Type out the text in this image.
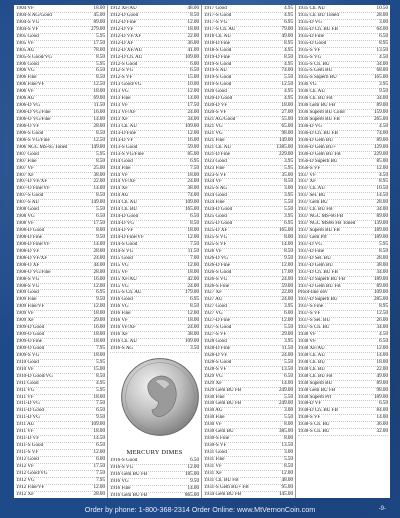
1904 VF	18.00
1904-S AG/Good	45.00
1904-S VG	89.00
1904-S VF	279.00
1905 Good	5.95
1905 VF	17.50
1905 AU	78.00
1905-S Good/VG	8.50
1906 Good	5.95
1906 VG	6.50
1906 Fine	8.50
1906 Fine/VF	12.50
1906 VF	18.00
1906 AU	69.00
1906-D VG	11.50
1906-D VG/Fine	16.00
1906-O VG/Fine	14.00
1906-O VF	28.00
1906-S Good	8.50
1906-S VG/Fine	12.50
1906 NGC MS-65 Toned	149.00
1907 Good	5.95
1907 Fine	8.50
1907 VF	25.00
1907 XF	38.00
1907-D VF/XF	22.00
1907-O Fine/VF	14.00
1907-S Good	8.50
1907-S AU	149.00
1908 Good	5.50
1908 VG	6.50
1908 VF	17.50
1908-D Good	8.00
1908-D Fine	9.50
1908-D Fine/VF	14.00
1908-D VF	28.00
1908-D VF/XF	24.00
1908-O XF	44.00
1908-O VG/Fine	28.00
1908-S VG	16.00
1908-S VG	12.00
1909 Good	6.95
1909 Fine	9.50
1909 Fine/VF	12.00
1909 VF	18.00
1909 XF	29.00
1909-D Good	16.00
1909-O Good	18.00
1909-O Fine	18.00
1909-O Good	7.95
1909-S VG	18.00
1910 Good	5.95
1910 VF	15.00
1910-D Good/VG	8.50
1911 Good	4.95
1911 VG	5.95
1911 VF	18.00
1911-D VG	7.50
1911-D Good	6.50
1911-D VG	9.50
1911 AU	109.00
1911 VF	18.00
1911-D VF	14.50
1911-S Good	6.50
1911-S VF	12.00
1912 Good	6.00
1912 VF	17.50
1912 Good/VG	7.50
1912 VG	7.95
1912 Fine/VF	12.00
1912 XF	28.00
1912 XF/AU	48.00
1912-D Good	8.50
1912-D Fine	12.00
1912-D VF	18.00
1912-D VF/XF	22.00
1912-D XF	36.00
1912-D XF/AU	41.00
1912-D Ch. AU	109.00
1912-S Good	6.00
1912-S VG	6.50
1912-S VF	15.00
1913 Good/VG	10.00
1913 VG	12.00
1913 Fine	14.00
1913 VF	17.50
1913 VF/XF	24.00
1913 XF	34.00
1913 Ch. AU	109.00
1913-D Fine	12.00
1913-D VF	16.00
1913-S Good	59.00
1913-S VG/Fine	85.00
1914 Good	6.95
1914 Fine	7.50
1914 VF	18.00
1914 VF/XF	24.00
1914 XF	38.00
1914 AU	74.00
1914 Ch. AU	109.00
1914 Ch. BU	165.00
1914-D Good	6.50
1914-D VG	8.50
1914-D VF	18.00
1914-D Fine/VF	12.00
1914-S Good	7.50
1914-S VG	11.50
1915 Good	7.00
1915 VG	12.00
1915 VF	18.00
1915 XF/AU	42.00
1915 VG	24.00
1915-S Ch. AU	179.00
1916 Good	6.95
1916 VG	8.50
1916 Fine	12.00
1916 VF	18.00
1916 VF/XF	24.00
1916 XF	38.00
1916 Ch. AU	109.00
1916-S AG	3.50
MERCURY DIMES
1916-S Good	6.50
1916-S VG	12.00
1916 Gem BU FB	185.00
1916 VG	9.50
1916 Fine	14.00
1916 Gem BU FB	865.00
1917 Good	4.95
1917-S Good	4.95
1917-S VG	6.95
1917-S Ch. AU	79.00
1918 Ch. AU	49.00
1918-D Fine	8.95
1918-S Good	4.95
1919-D Fine	8.50
1919-S Good	4.95
1919-S AU	74.00
1919-S Good	5.50
1919-S Good	12.50
1920 Good	4.95
1920-D Good	4.95
1920-D VF	18.00
1920-S VF	27.00
1921 AG/Good	55.00
1921 VG	65.00
1921 VG	98.00
1921 Fine	149.00
1921 Ch. AU	1385.00
1921-D Fine	229.00
1923 Good	3.95
1923 Fine	5.95
1923-S VF	35.00
1924 VF	8.50
1925-S AG	3.00
1924 Good	3.95
1924 Fine	5.50
1924-D Good	5.50
1925 Good	3.95
1925-D Good	6.95
1925-D XF	165.00
1925-S VG	8.00
1925-S VF	14.00
1926 VF	8.50
1926-D VG	9.50
1926-D Fine	12.00
1926-S Good	17.00
1926-S VG	24.00
1926-S Fine	59.00
1927 XF	22.00
1927 AU	24.00
1927 Good	3.95
1927 VG	6.00
1927-D Fine	12.00
1927-S Good	5.50
1927-S VF	29.00
1928 Good	3.95
1928-D Fine	11.50
1928-D VF	24.00
1928-S Good	5.50
1928-S VF	13.50
1929 VG	6.50
1929 XF	14.00
1929 Gem BU FB	249.00
1930 Fine	5.50
1930 Gem BU FB	249.00
1930 AG	3.00
1930 Fine	5.50
1930 VF	8.00
1930 Gem BU	385.00
1930-S Fine	8.00
1930-S VF	13.50
1931 Good	3.00
1931 Fine	5.50
1931 VF	8.50
1931 XF	12.00
1931 Ch. BU FB	48.00
1931-S Gem BU+ FB	95.00
1934 Gem BU FB	145.00
1935 Ch. AU	10.50
1935 Ch. BU Toned	28.00
1935-D VG	3.00
1935-D Ch. BU FB	64.00
1935-D Fine	6.50
1935-D Good	8.95
1935-S VF	13.50
1935-S VG	4.50
1935-S Ch. BU	34.00
1935-S Gem BU	68.00
1935-S Superb BU	165.00
1936 VG	3.95
1936 Ch. AU	9.50
1936 Ch. BU FB	34.00
1936 Gem BU FB	89.00
1936 Superb BU Color	159.00
1936 Superb BU FB	265.00
1936-D VG	4.50
1936-D Ch. BU FB	74.00
1936-D Gem BU	89.00
1936-D Gem BU+	129.00
1936-D Gem BU FB	229.00
1956-D Superb BU	85.00
1956-S VF	12.00
1937 VF	4.50
1937 XF	8.95
1937 Ch. AU	10.50
1937 Sel. BU	14.50
1937 Gem BU	28.00
1937 Ch. BU FB	34.00
1937 NGC MS-66 FB	89.00
1937 NGC MS66 FB Toned	139.00
1937 Superb BU FB	189.00
1937 Gem Prf	189.00
1937-D VG	5.95
1937-D Fine	8.50
1937-D Sel. BU	28.00
1937-D Gem BU	38.00
1937-D Ch. BU FB	34.00
1937-D Superb BU FB	189.00
1937-D Gem BU FB	89.00
Proof-like obv	109.00
1937-D Superb BU	285.00
1937-S Fine	8.95
1937-S VF	12.50
1937-S Sel. BU	26.00
1937-S Ch. BU	34.00
1938 VF	4.50
1938 VF	6.50
1938 XF/AU	12.00
1938 Ch. AU	14.00
1938 Ch. BU	18.00
1938 Ch. BU	22.00
1938 Ch. BU FB	49.00
1938 Superb BU	89.00
1938 Gem BU FB	98.00
1938 Superb Prf	189.00
1938-D VF	6.50
1938-D Ch. BU FB	84.00
1938-S VF	14.00
1938-S Ch. BU	36.00
1938-S Ch. BU	32.00
Order by phone: 1-800-368-2314 Order Online: www.MtVernonCoin.com	-9-
